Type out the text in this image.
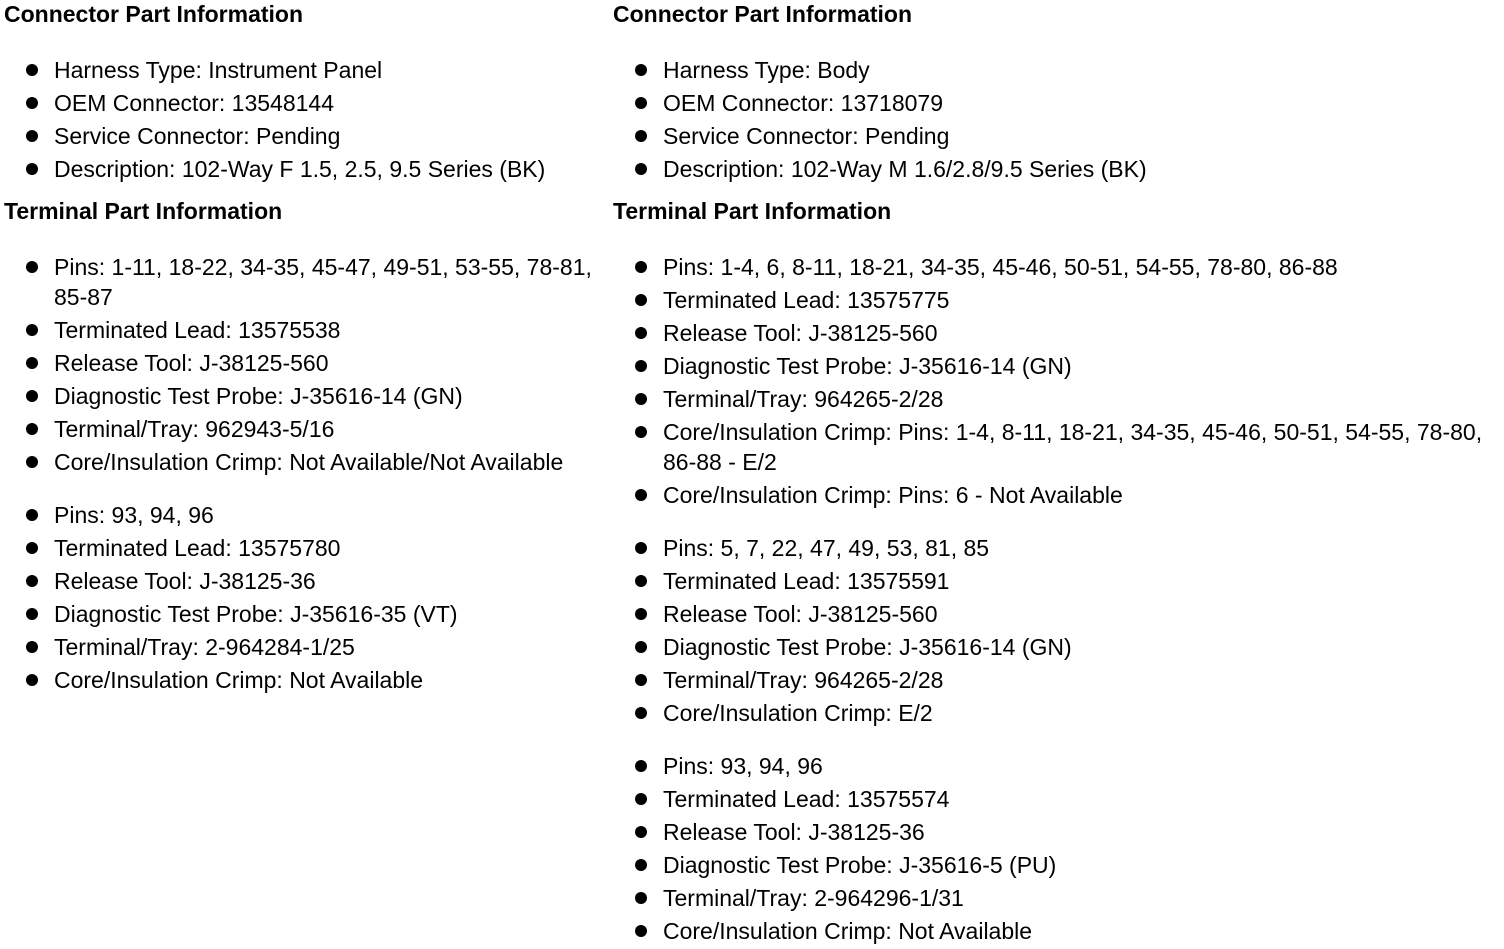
Connector Part Information
Harness Type: Instrument Panel
OEM Connector: 13548144
Service Connector: Pending
Description: 102-Way F 1.5, 2.5, 9.5 Series (BK)
Terminal Part Information
Pins: 1-11, 18-22, 34-35, 45-47, 49-51, 53-55, 78-81, 85-87
Terminated Lead: 13575538
Release Tool: J-38125-560
Diagnostic Test Probe: J-35616-14 (GN)
Terminal/Tray: 962943-5/16
Core/Insulation Crimp: Not Available/Not Available
Pins: 93, 94, 96
Terminated Lead: 13575780
Release Tool: J-38125-36
Diagnostic Test Probe: J-35616-35 (VT)
Terminal/Tray: 2-964284-1/25
Core/Insulation Crimp: Not Available
Connector Part Information
Harness Type: Body
OEM Connector: 13718079
Service Connector: Pending
Description: 102-Way M 1.6/2.8/9.5 Series (BK)
Terminal Part Information
Pins: 1-4, 6, 8-11, 18-21, 34-35, 45-46, 50-51, 54-55, 78-80, 86-88
Terminated Lead: 13575775
Release Tool: J-38125-560
Diagnostic Test Probe: J-35616-14 (GN)
Terminal/Tray: 964265-2/28
Core/Insulation Crimp: Pins: 1-4, 8-11, 18-21, 34-35, 45-46, 50-51, 54-55, 78-80, 86-88 - E/2
Core/Insulation Crimp: Pins: 6 - Not Available
Pins: 5, 7, 22, 47, 49, 53, 81, 85
Terminated Lead: 13575591
Release Tool: J-38125-560
Diagnostic Test Probe: J-35616-14 (GN)
Terminal/Tray: 964265-2/28
Core/Insulation Crimp: E/2
Pins: 93, 94, 96
Terminated Lead: 13575574
Release Tool: J-38125-36
Diagnostic Test Probe: J-35616-5 (PU)
Terminal/Tray: 2-964296-1/31
Core/Insulation Crimp: Not Available
